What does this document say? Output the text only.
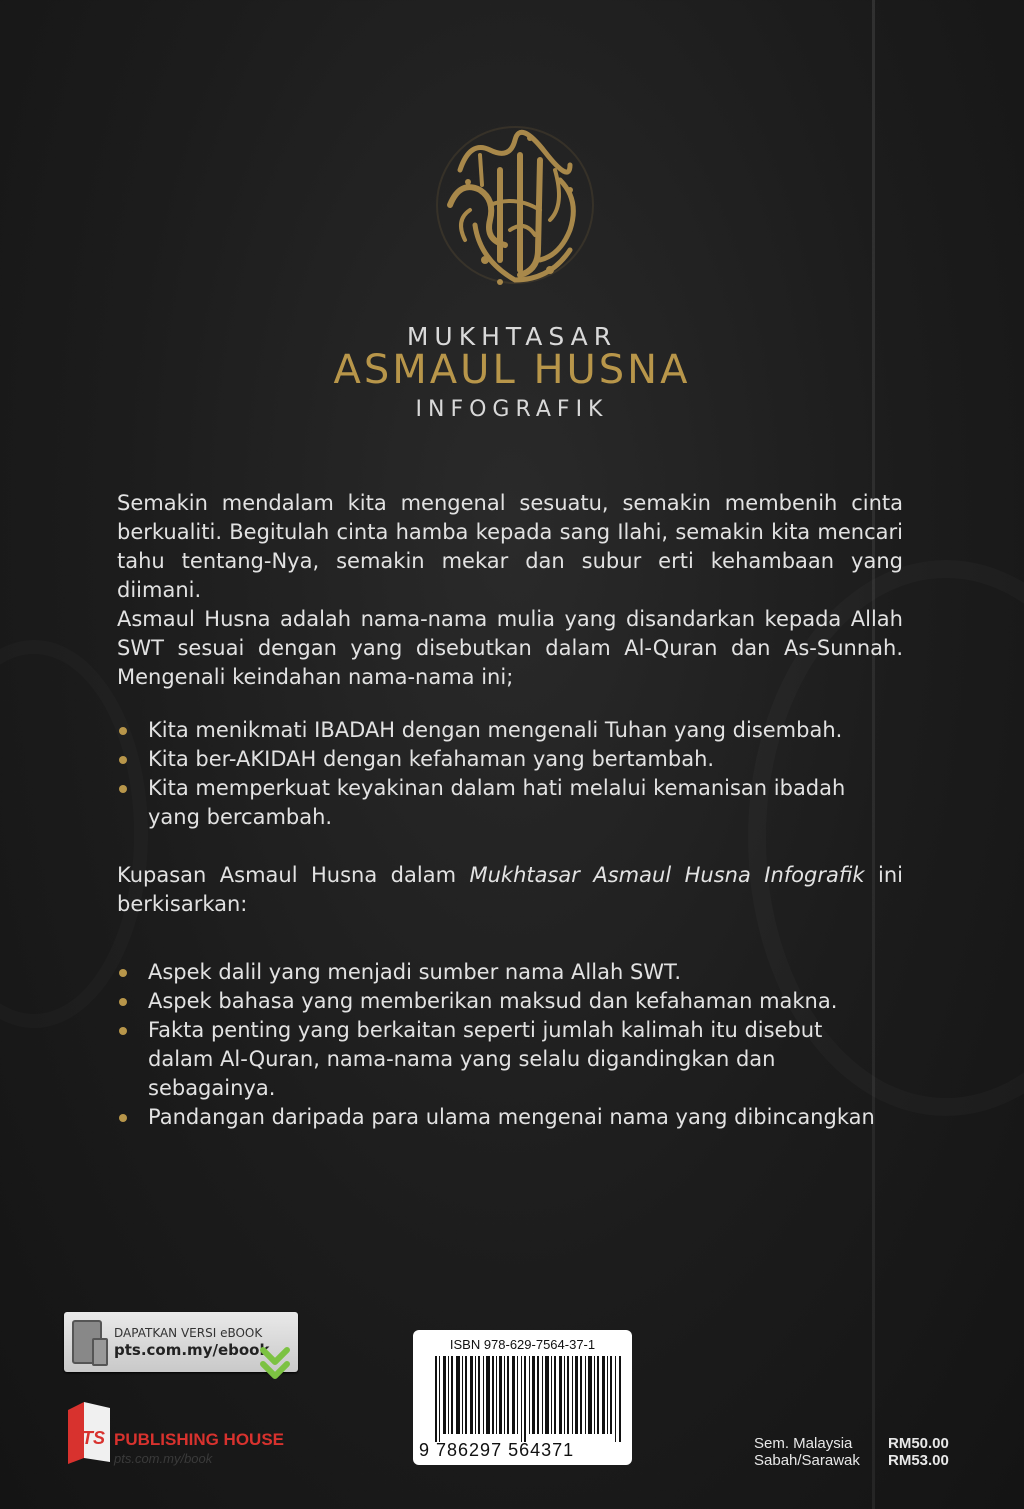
MUKHTASAR
ASMAUL HUSNA
INFOGRAFIK
Semakin mendalam kita mengenal sesuatu, semakin membenih cinta berkualiti. Begitulah cinta hamba kepada sang Ilahi, semakin kita mencari tahu tentang-Nya, semakin mekar dan subur erti kehambaan yang diimani.
Asmaul Husna adalah nama-nama mulia yang disandarkan kepada Allah SWT sesuai dengan yang disebutkan dalam Al-Quran dan As-Sunnah. Mengenali keindahan nama-nama ini;
Kita menikmati IBADAH dengan mengenali Tuhan yang disembah.
Kita ber-AKIDAH dengan kefahaman yang bertambah.
Kita memperkuat keyakinan dalam hati melalui kemanisan ibadah yang bercambah.
Kupasan Asmaul Husna dalam Mukhtasar Asmaul Husna Infografik ini berkisarkan:
Aspek dalil yang menjadi sumber nama Allah SWT.
Aspek bahasa yang memberikan maksud dan kefahaman makna.
Fakta penting yang berkaitan seperti jumlah kalimah itu disebut dalam Al-Quran, nama-nama yang selalu digandingkan dan sebagainya.
Pandangan daripada para ulama mengenai nama yang dibincangkan
DAPATKAN VERSI eBOOK
pts.com.my/ebook
PTS PUBLISHING HOUSE
pts.com.my/book
ISBN 978-629-7564-37-1
9 786297 564371	Sem. Malaysia
Sabah/Sarawak
RM50.00
RM53.00
